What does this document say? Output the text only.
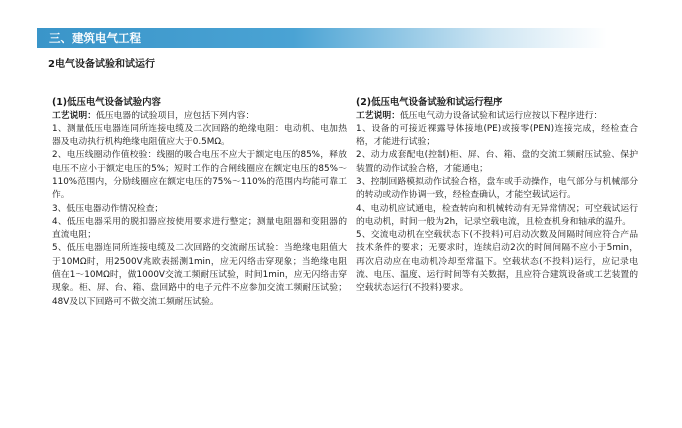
三、建筑电气工程
2电气设备试验和试运行
(1)低压电气设备试验内容

工艺说明：低压电器的试验项目，应包括下列内容：

1、测量低压电器连同所连接电缆及二次回路的绝缘电阻：电动机、电加热器及电动执行机构绝缘电阻值应大于0.5MΩ。

2、电压线圈动作值校验：线圈的吸合电压不应大于额定电压的85%，释放电压不应小于额定电压的5%；短时工作的合闸线圈应在额定电压的85%～110%范围内，分励线圈应在额定电压的75%～110%的范围内均能可靠工作。

3、低压电器动作情况检查；

4、低压电器采用的脱扣器应按使用要求进行整定；测量电阻器和变阻器的直流电阻；

5、低压电器连同所连接电缆及二次回路的交流耐压试验：当绝缘电阻值大于10MΩ时，用2500V兆欧表摇测1min，应无闪络击穿现象；当绝缘电阻值在1～10MΩ时，做1000V交流工频耐压试验，时间1min，应无闪络击穿现象。柜、屏、台、箱、盘回路中的电子元件不应参加交流工频耐压试验；48V及以下回路可不做交流工频耐压试验。

(2)低压电气设备试验和试运行程序

工艺说明：低压电气动力设备试验和试运行应按以下程序进行：

1、设备的可接近裸露导体接地(PE)或接零(PEN)连接完成，经检查合格，才能进行试验；

2、动力成套配电(控制)柜、屏、台、箱、盘的交流工频耐压试验、保护装置的动作试验合格，才能通电；

3、控制回路模拟动作试验合格，盘车或手动操作，电气部分与机械部分的转动或动作协调一致，经检查确认，才能空载试运行。

4、电动机应试通电，检查转向和机械转动有无异常情况；可空载试运行的电动机，时间一般为2h，记录空载电流，且检查机身和轴承的温升。

5、交流电动机在空载状态下(不投料)可启动次数及间隔时间应符合产品技术条件的要求；无要求时，连续启动2次的时间间隔不应小于5min，再次启动应在电动机冷却至常温下。空载状态(不投料)运行，应记录电流、电压、温度、运行时间等有关数据，且应符合建筑设备或工艺装置的空载状态运行(不投料)要求。
